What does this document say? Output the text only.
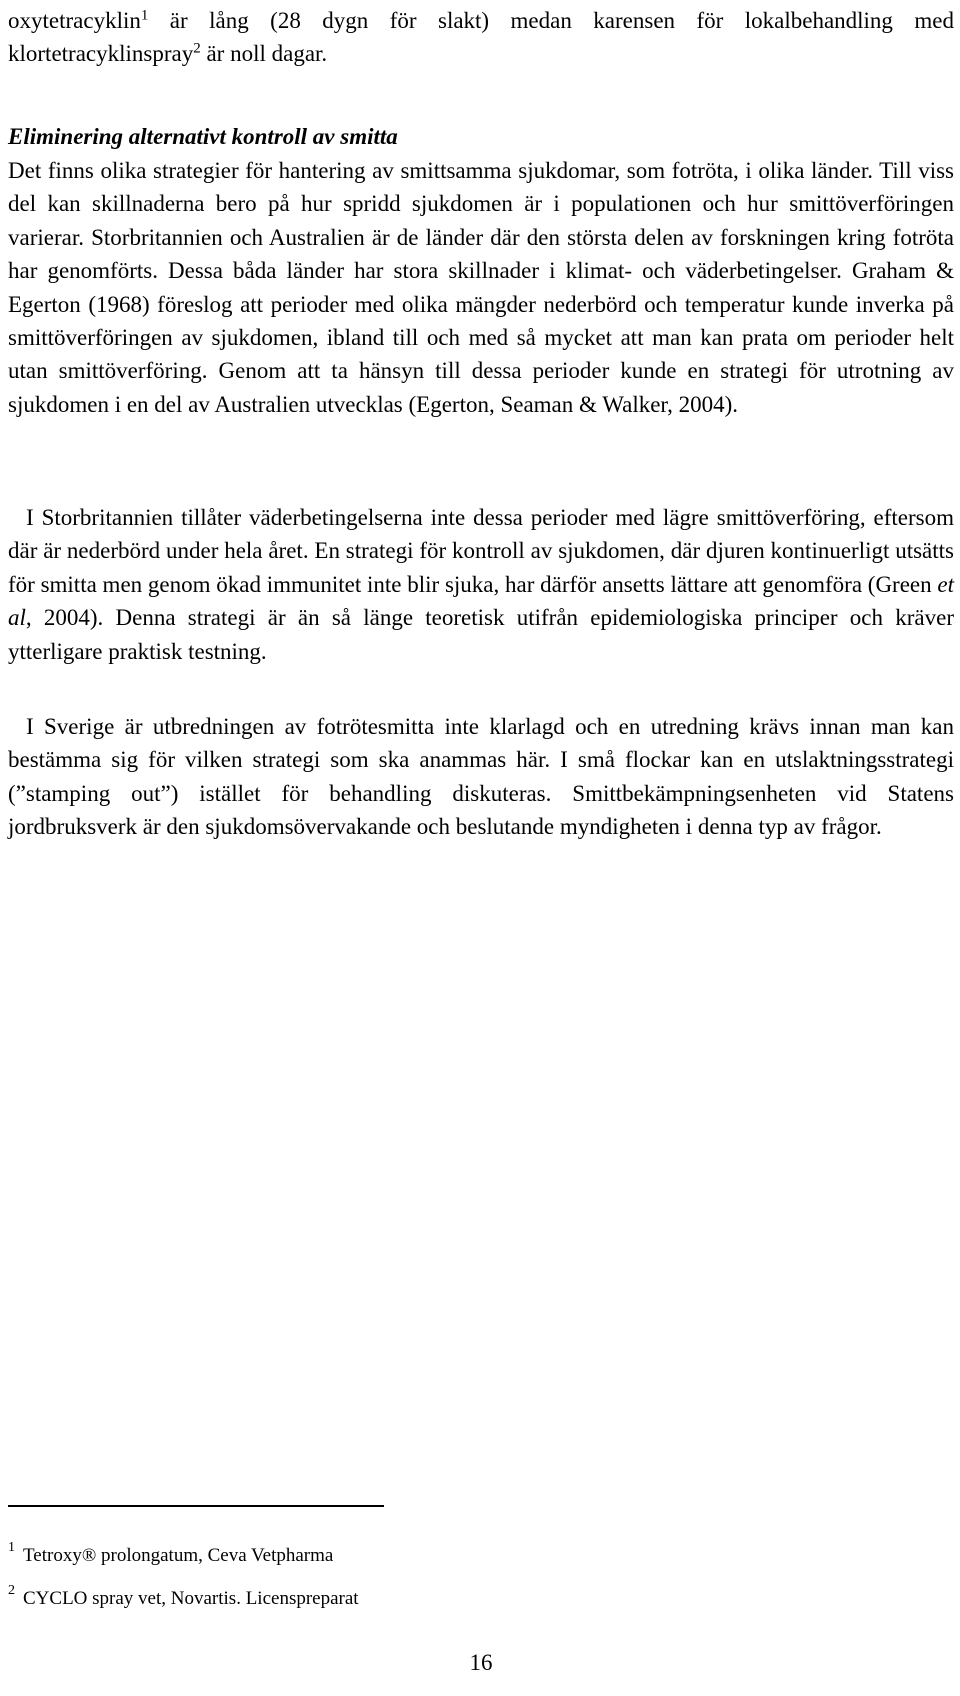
oxytetracyklin$^1$ är lång (28 dygn för slakt) medan karensen för lokalbehandling med klortetracyklinspray$^2$ är noll dagar.

Eliminering alternativt kontroll av smitta

Det finns olika strategier för hantering av smittsamma sjukdomar, som fotröta, i olika länder. Till viss del kan skillnaderna bero på hur spridd sjukdomen är i populationen och hur smittöverföringen varierar. Storbritannien och Australien är de länder där den största delen av forskningen kring fotröta har genomförts. Dessa båda länder har stora skillnader i klimat- och väderbetingelser. Graham & Egerton (1968) föreslog att perioder med olika mängder nederbörd och temperatur kunde inverka på smittöverföringen av sjukdomen, ibland till och med så mycket att man kan prata om perioder helt utan smittöverföring. Genom att ta hänsyn till dessa perioder kunde en strategi för utrotning av sjukdomen i en del av Australien utvecklas (Egerton, Seaman & Walker, 2004).

I Storbritannien tillåter väderbetingelserna inte dessa perioder med lägre smittöverföring, eftersom där är nederbörd under hela året. En strategi för kontroll av sjukdomen, där djuren kontinuerligt utsätts för smitta men genom ökad immunitet inte blir sjuka, har därför ansetts lättare att genomföra (Green et al, 2004). Denna strategi är än så länge teoretisk utifrån epidemiologiska principer och kräver ytterligare praktisk testning.

I Sverige är utbredningen av fotrötesmitta inte klarlagd och en utredning krävs innan man kan bestämma sig för vilken strategi som ska anammas här. I små flockar kan en utslaktningsstrategi (”stamping out”) istället för behandling diskuteras. Smittbekämpningsenheten vid Statens jordbruksverk är den sjukdomsövervakande och beslutande myndigheten i denna typ av frågor.

$^1$ Tetroxy® prolongatum, Ceva Vetpharma

$^2$ CYCLO spray vet, Novartis. Licenspreparat

16
